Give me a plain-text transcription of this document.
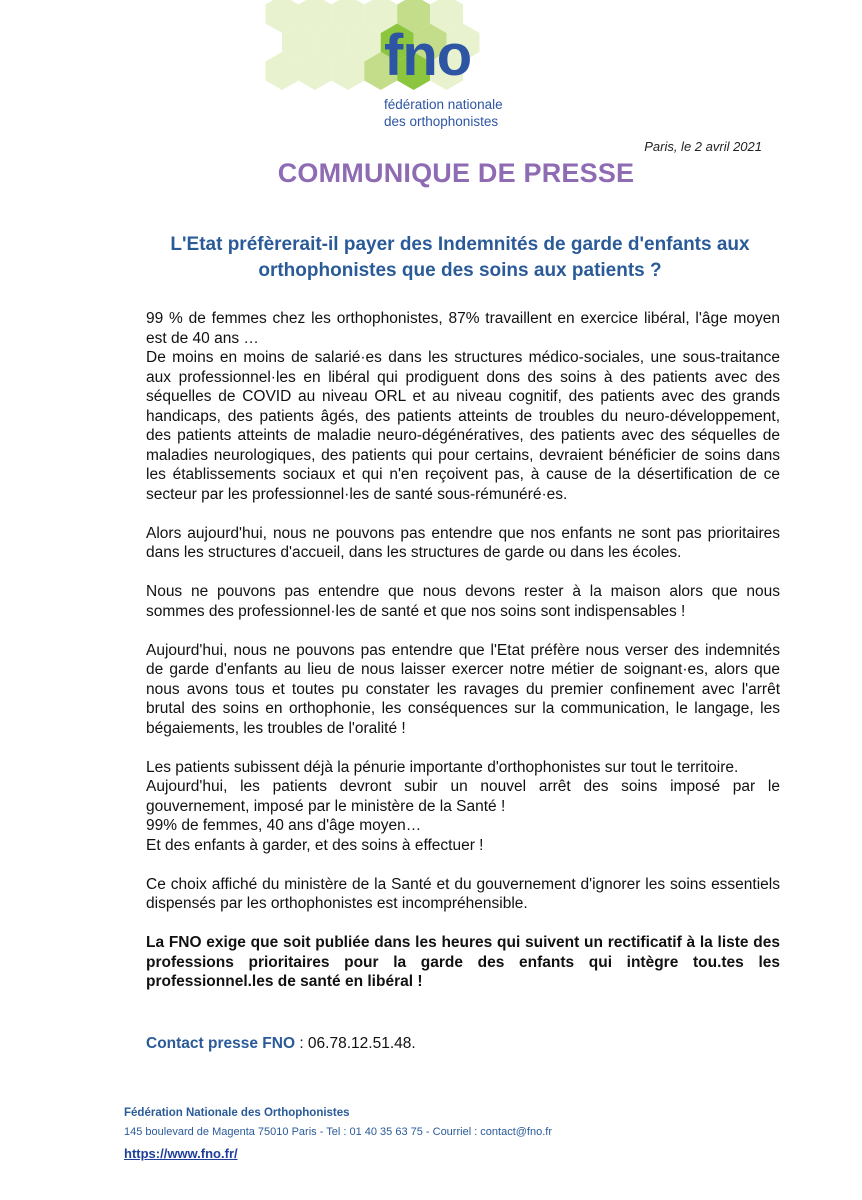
fno
fédération nationale
des orthophonistes
Paris, le 2 avril 2021
COMMUNIQUE DE PRESSE
L'Etat préfèrerait-il payer des Indemnités de garde d'enfants aux
orthophonistes que des soins aux patients ?

99 % de femmes chez les orthophonistes, 87% travaillent en exercice libéral, l'âge moyen est de 40 ans …
De moins en moins de salarié·es dans les structures médico-sociales, une sous-traitance aux professionnel·les en libéral qui prodiguent dons des soins à des patients avec des séquelles de COVID au niveau ORL et au niveau cognitif, des patients avec des grands handicaps, des patients âgés, des patients atteints de troubles du neuro-développement, des patients atteints de maladie neuro-dégénératives, des patients avec des séquelles de maladies neurologiques, des patients qui pour certains, devraient bénéficier de soins dans les établissements sociaux et qui n'en reçoivent pas, à cause de la désertification de ce secteur par les professionnel·les de santé sous-rémunéré·es.

Alors aujourd'hui, nous ne pouvons pas entendre que nos enfants ne sont pas prioritaires dans les structures d'accueil, dans les structures de garde ou dans les écoles.

Nous ne pouvons pas entendre que nous devons rester à la maison alors que nous sommes des professionnel·les de santé et que nos soins sont indispensables !

Aujourd'hui, nous ne pouvons pas entendre que l'Etat préfère nous verser des indemnités de garde d'enfants au lieu de nous laisser exercer notre métier de soignant·es, alors que nous avons tous et toutes pu constater les ravages du premier confinement avec l'arrêt brutal des soins en orthophonie, les conséquences sur la communication, le langage, les bégaiements, les troubles de l'oralité !

Les patients subissent déjà la pénurie importante d'orthophonistes sur tout le territoire.
Aujourd'hui, les patients devront subir un nouvel arrêt des soins imposé par le gouvernement, imposé par le ministère de la Santé !
99% de femmes, 40 ans d'âge moyen…
Et des enfants à garder, et des soins à effectuer !

Ce choix affiché du ministère de la Santé et du gouvernement d'ignorer les soins essentiels dispensés par les orthophonistes est incompréhensible.

La FNO exige que soit publiée dans les heures qui suivent un rectificatif à la liste des professions prioritaires pour la garde des enfants qui intègre tou.tes les professionnel.les de santé en libéral !

Contact presse FNO : 06.78.12.51.48.
Fédération Nationale des Orthophonistes
145 boulevard de Magenta 75010 Paris - Tel : 01 40 35 63 75 - Courriel : contact@fno.fr
https://www.fno.fr/
